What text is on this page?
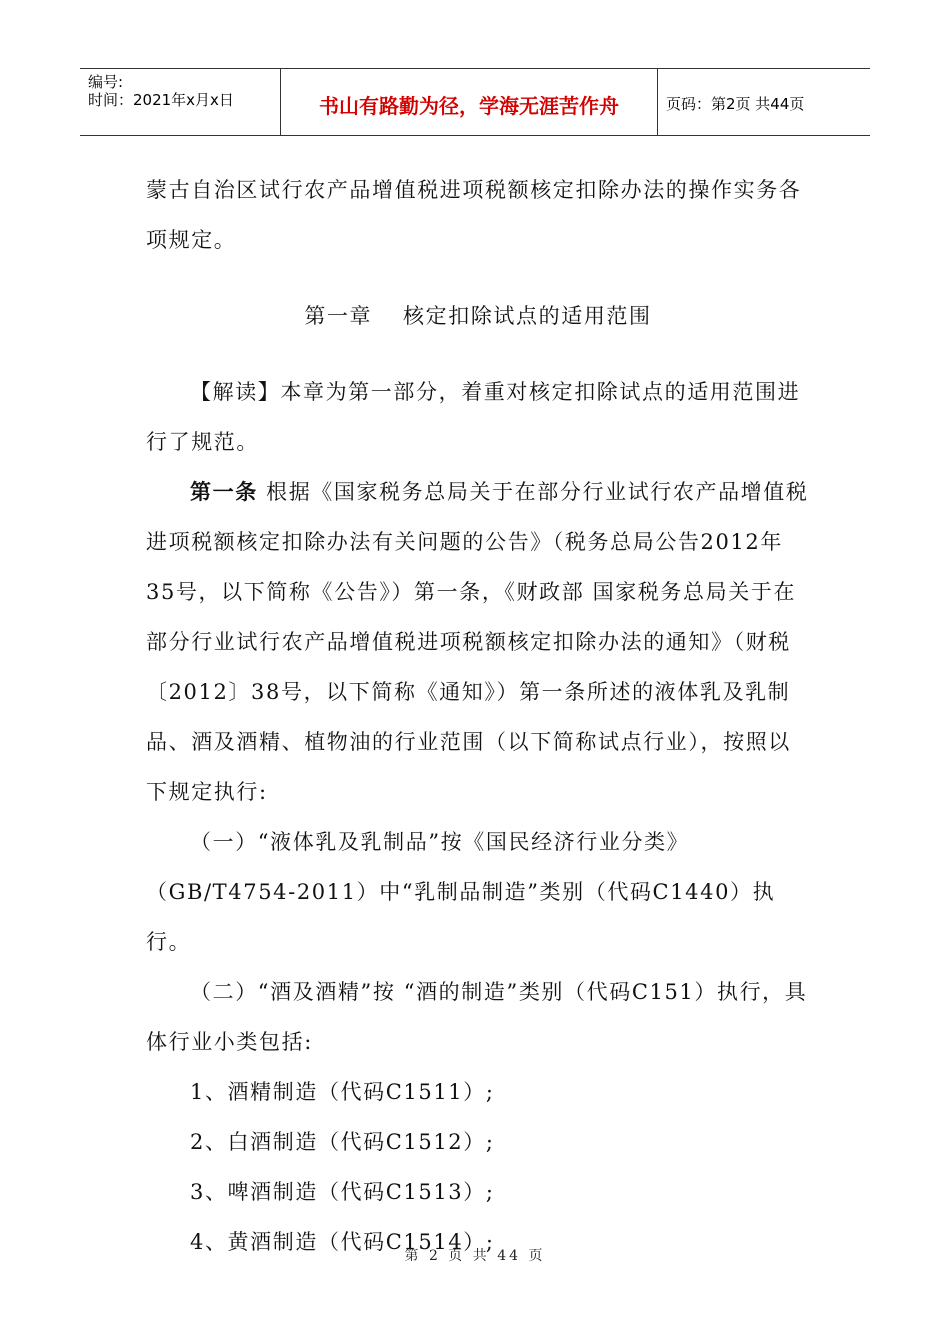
编号:
时间：2021年x月x日	书山有路勤为径，学海无涯苦作舟	页码：第2页 共44页

蒙古自治区试行农产品增值税进项税额核定扣除办法的操作实务各项规定。

第一章　 核定扣除试点的适用范围

【解读】本章为第一部分，着重对核定扣除试点的适用范围进行了规范。

第一条 根据《国家税务总局关于在部分行业试行农产品增值税进项税额核定扣除办法有关问题的公告》（税务总局公告2012年35号，以下简称《公告》）第一条，《财政部 国家税务总局关于在部分行业试行农产品增值税进项税额核定扣除办法的通知》（财税〔2012〕38号，以下简称《通知》）第一条所述的液体乳及乳制品、酒及酒精、植物油的行业范围（以下简称试点行业），按照以下规定执行:

（一）“液体乳及乳制品”按《国民经济行业分类》（GB/T4754-2011）中“乳制品制造”类别（代码C1440）执行。

（二）“酒及酒精”按 “酒的制造”类别（代码C151）执行，具体行业小类包括:

1、酒精制造（代码C1511）;

2、白酒制造（代码C1512）;

3、啤酒制造（代码C1513）;

4、黄酒制造（代码C1514）;

第 2 页 共 44 页
